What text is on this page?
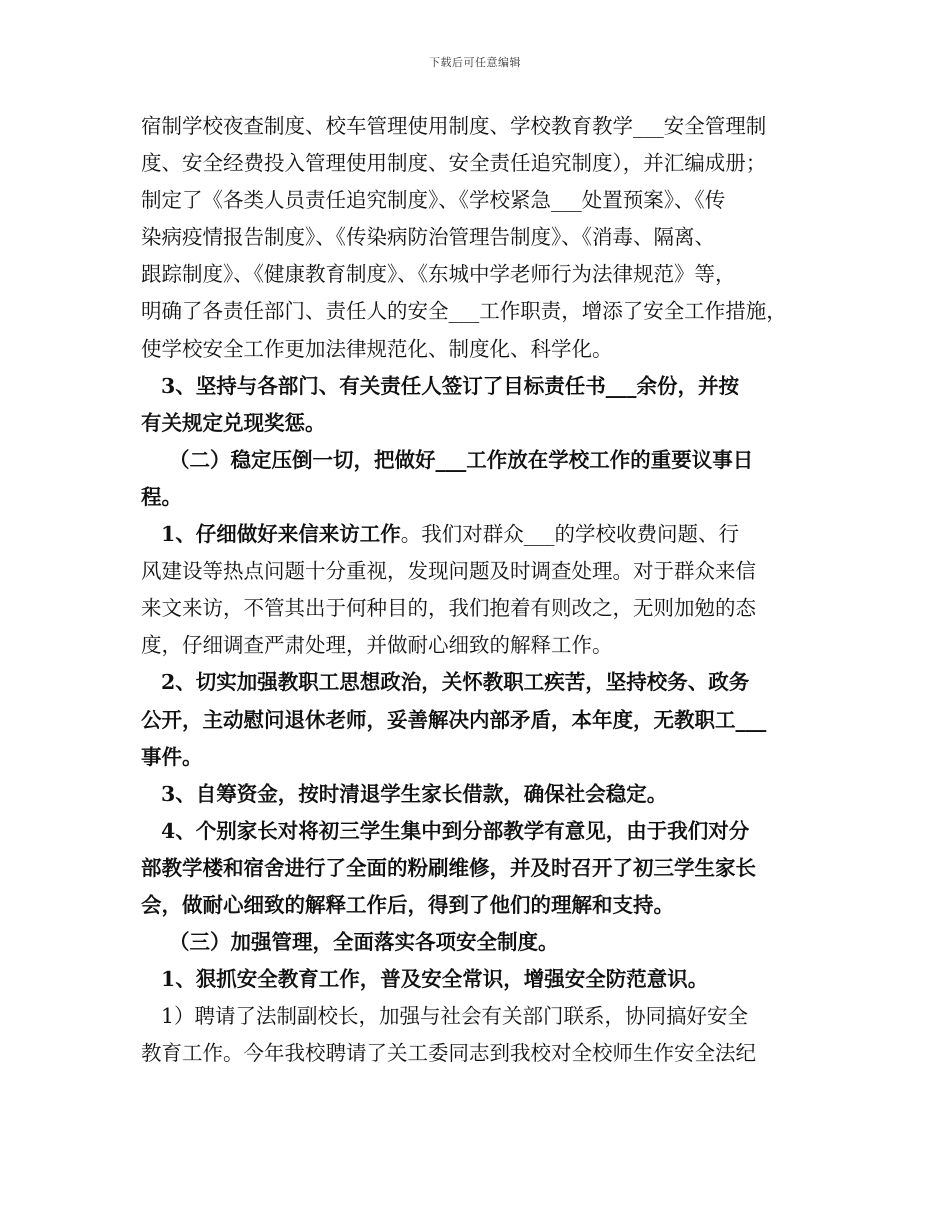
下载后可任意编辑

宿制学校夜查制度、校车管理使用制度、学校教育教学___安全管理制
度、安全经费投入管理使用制度、安全责任追究制度），并汇编成册；
制定了《各类人员责任追究制度》、《学校紧急___处置预案》、《传
染病疫情报告制度》、《传染病防治管理告制度》、《消毒、隔离、
跟踪制度》、《健康教育制度》、《东城中学老师行为法律规范》等，
明确了各责任部门、责任人的安全___工作职责，增添了安全工作措施，
使学校安全工作更加法律规范化、制度化、科学化。

3、坚持与各部门、有关责任人签订了目标责任书___余份，并按
有关规定兑现奖惩。

（二）稳定压倒一切，把做好___工作放在学校工作的重要议事日
程。

1、仔细做好来信来访工作。我们对群众___的学校收费问题、行
风建设等热点问题十分重视，发现问题及时调查处理。对于群众来信
来文来访，不管其出于何种目的，我们抱着有则改之，无则加勉的态
度，仔细调查严肃处理，并做耐心细致的解释工作。

2、切实加强教职工思想政治，关怀教职工疾苦，坚持校务、政务
公开，主动慰问退休老师，妥善解决内部矛盾，本年度，无教职工___
事件。

3、自筹资金，按时清退学生家长借款，确保社会稳定。

4、个别家长对将初三学生集中到分部教学有意见，由于我们对分
部教学楼和宿舍进行了全面的粉刷维修，并及时召开了初三学生家长
会，做耐心细致的解释工作后，得到了他们的理解和支持。

（三）加强管理，全面落实各项安全制度。

1、狠抓安全教育工作，普及安全常识，增强安全防范意识。

1）聘请了法制副校长，加强与社会有关部门联系，协同搞好安全
教育工作。今年我校聘请了关工委同志到我校对全校师生作安全法纪
